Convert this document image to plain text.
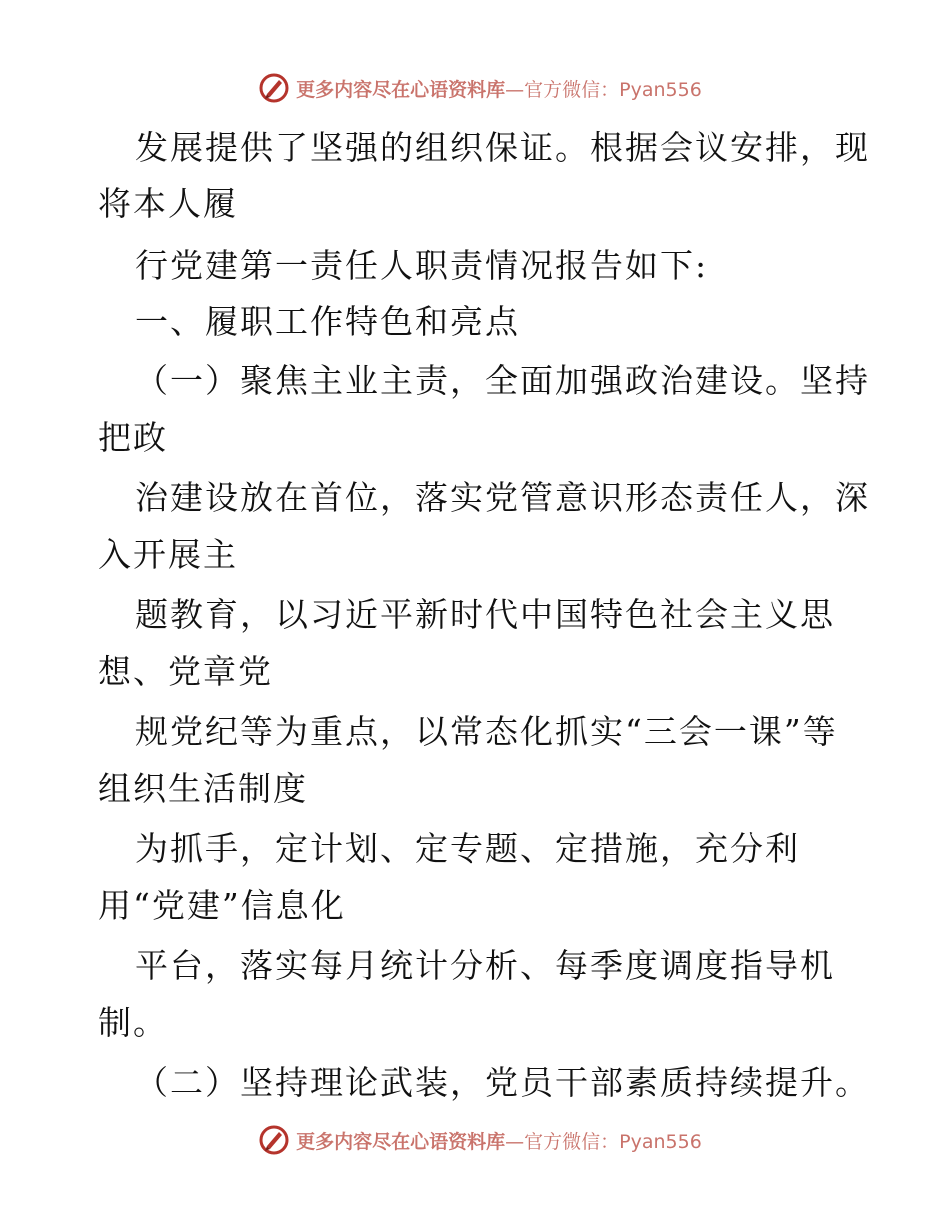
更多内容尽在心语资料库 —官方微信：Pyan556
发展提供了坚强的组织保证。根据会议安排，现
将本人履
行党建第一责任人职责情况报告如下:
一、履职工作特色和亮点
（一）聚焦主业主责，全面加强政治建设。坚持
把政
治建设放在首位，落实党管意识形态责任人，深
入开展主
题教育，以习近平新时代中国特色社会主义思
想、党章党
规党纪等为重点，以常态化抓实“三会一课”等
组织生活制度
为抓手，定计划、定专题、定措施，充分利
用“党建”信息化
平台，落实每月统计分析、每季度调度指导机
制。
（二）坚持理论武装，党员干部素质持续提升。
更多内容尽在心语资料库 —官方微信：Pyan556
